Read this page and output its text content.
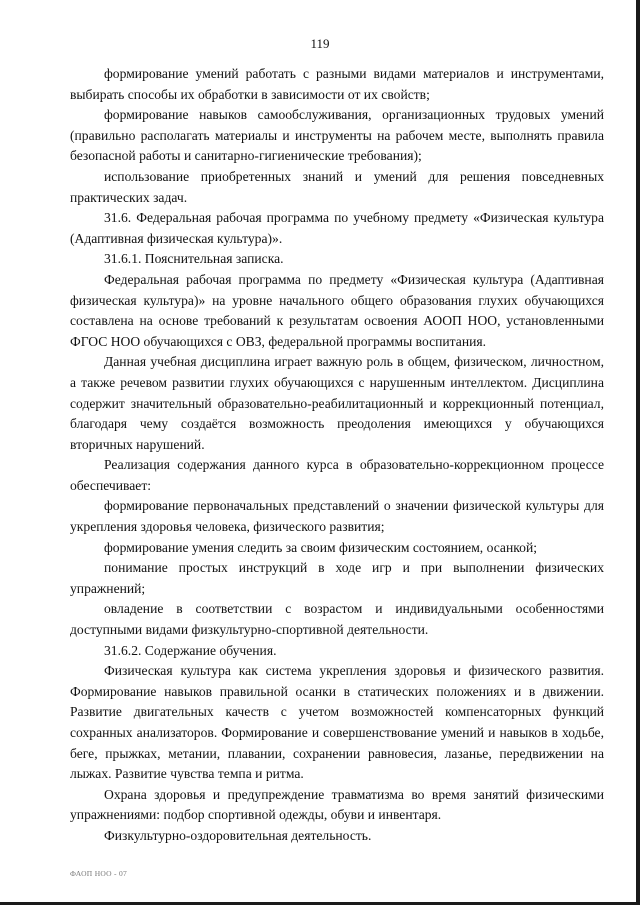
119

формирование умений работать с разными видами материалов и инструментами, выбирать способы их обработки в зависимости от их свойств;

формирование навыков самообслуживания, организационных трудовых умений (правильно располагать материалы и инструменты на рабочем месте, выполнять правила безопасной работы и санитарно-гигиенические требования);

использование приобретенных знаний и умений для решения повседневных практических задач.

31.6. Федеральная рабочая программа по учебному предмету «Физическая культура (Адаптивная физическая культура)».

31.6.1. Пояснительная записка.

Федеральная рабочая программа по предмету «Физическая культура (Адаптивная физическая культура)» на уровне начального общего образования глухих обучающихся составлена на основе требований к результатам освоения АООП НОО, установленными ФГОС НОО обучающихся с ОВЗ, федеральной программы воспитания.

Данная учебная дисциплина играет важную роль в общем, физическом, личностном, а также речевом развитии глухих обучающихся с нарушенным интеллектом. Дисциплина содержит значительный образовательно-реабилитационный и коррекционный потенциал, благодаря чему создаётся возможность преодоления имеющихся у обучающихся вторичных нарушений.

Реализация содержания данного курса в образовательно-коррекционном процессе обеспечивает:

формирование первоначальных представлений о значении физической культуры для укрепления здоровья человека, физического развития;

формирование умения следить за своим физическим состоянием, осанкой;

понимание простых инструкций в ходе игр и при выполнении физических упражнений;

овладение в соответствии с возрастом и индивидуальными особенностями доступными видами физкультурно-спортивной деятельности.

31.6.2. Содержание обучения.

Физическая культура как система укрепления здоровья и физического развития. Формирование навыков правильной осанки в статических положениях и в движении. Развитие двигательных качеств с учетом возможностей компенсаторных функций сохранных анализаторов. Формирование и совершенствование умений и навыков в ходьбе, беге, прыжках, метании, плавании, сохранении равновесия, лазанье, передвижении на лыжах. Развитие чувства темпа и ритма.

Охрана здоровья и предупреждение травматизма во время занятий физическими упражнениями: подбор спортивной одежды, обуви и инвентаря.

Физкультурно-оздоровительная деятельность.

ФАОП НОО - 07
